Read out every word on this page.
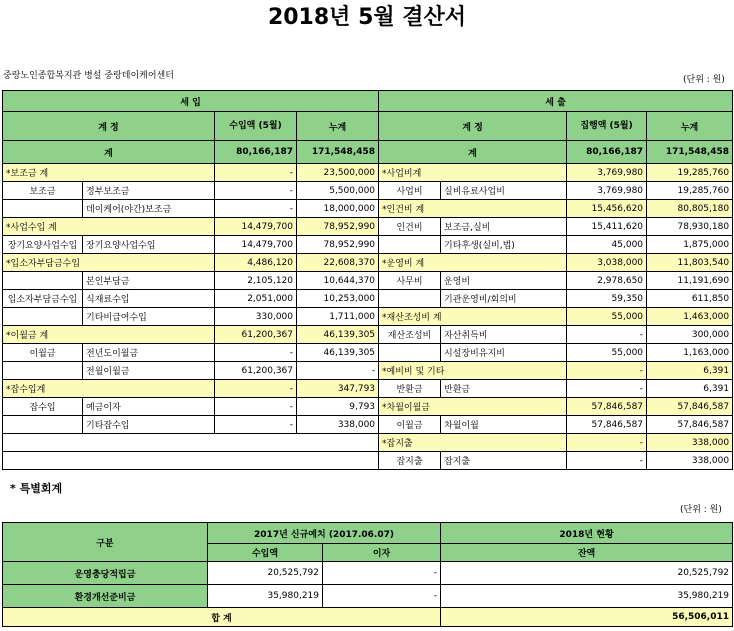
2018년 5월 결산서
중랑노인종합복지관 병설 중랑데이케어센터	(단위 : 원)
세 입				세 출			
계 정		수입액 (5월)	누계	계 정		집행액 (5월)	누계
계		80,166,187	171,548,458	계		80,166,187	171,548,458
*보조금 계		-	23,500,000	*사업비계		3,769,980	19,285,760
보조금	정부보조금	-	5,500,000	사업비	실비유료사업비	3,769,980	19,285,760
	데이케어(야간)보조금	-	18,000,000	*인건비 계		15,456,620	80,805,180
*사업수입 계		14,479,700	78,952,990	인건비	보조금,실비	15,411,620	78,930,180
장기요양사업수입	장기요양사업수입	14,479,700	78,952,990		기타후생(실비,법)	45,000	1,875,000
*입소자부담금수입		4,486,120	22,608,370	*운영비 계		3,038,000	11,803,540
	본인부담금	2,105,120	10,644,370	사무비	운영비	2,978,650	11,191,690
입소자부담금수입	식재료수입	2,051,000	10,253,000		기관운영비/회의비	59,350	611,850
	기타비급여수입	330,000	1,711,000	*재산조성비 계		55,000	1,463,000
*이월금 계		61,200,367	46,139,305	재산조성비	자산취득비	-	300,000
이월금	전년도이월금	-	46,139,305		시설장비유지비	55,000	1,163,000
	전월이월금	61,200,367	-	*예비비 및 기타		-	6,391
*잡수입계		-	347,793	반환금	반환금	-	6,391
잡수입	예금이자	-	9,793	*차월이월금		57,846,587	57,846,587
	기타잡수입	-	338,000	이월금	차월이월	57,846,587	57,846,587
				*잡지출		-	338,000
				잡지출	잡지출	-	338,000
* 특별회계
(단위 : 원)
구분	2017년 신규예치 (2017.06.07)		2018년 현황
	수입액	이자	잔액
운영충당적립금	20,525,792	-	20,525,792
환경개선준비금	35,980,219	-	35,980,219
합 계			56,506,011
